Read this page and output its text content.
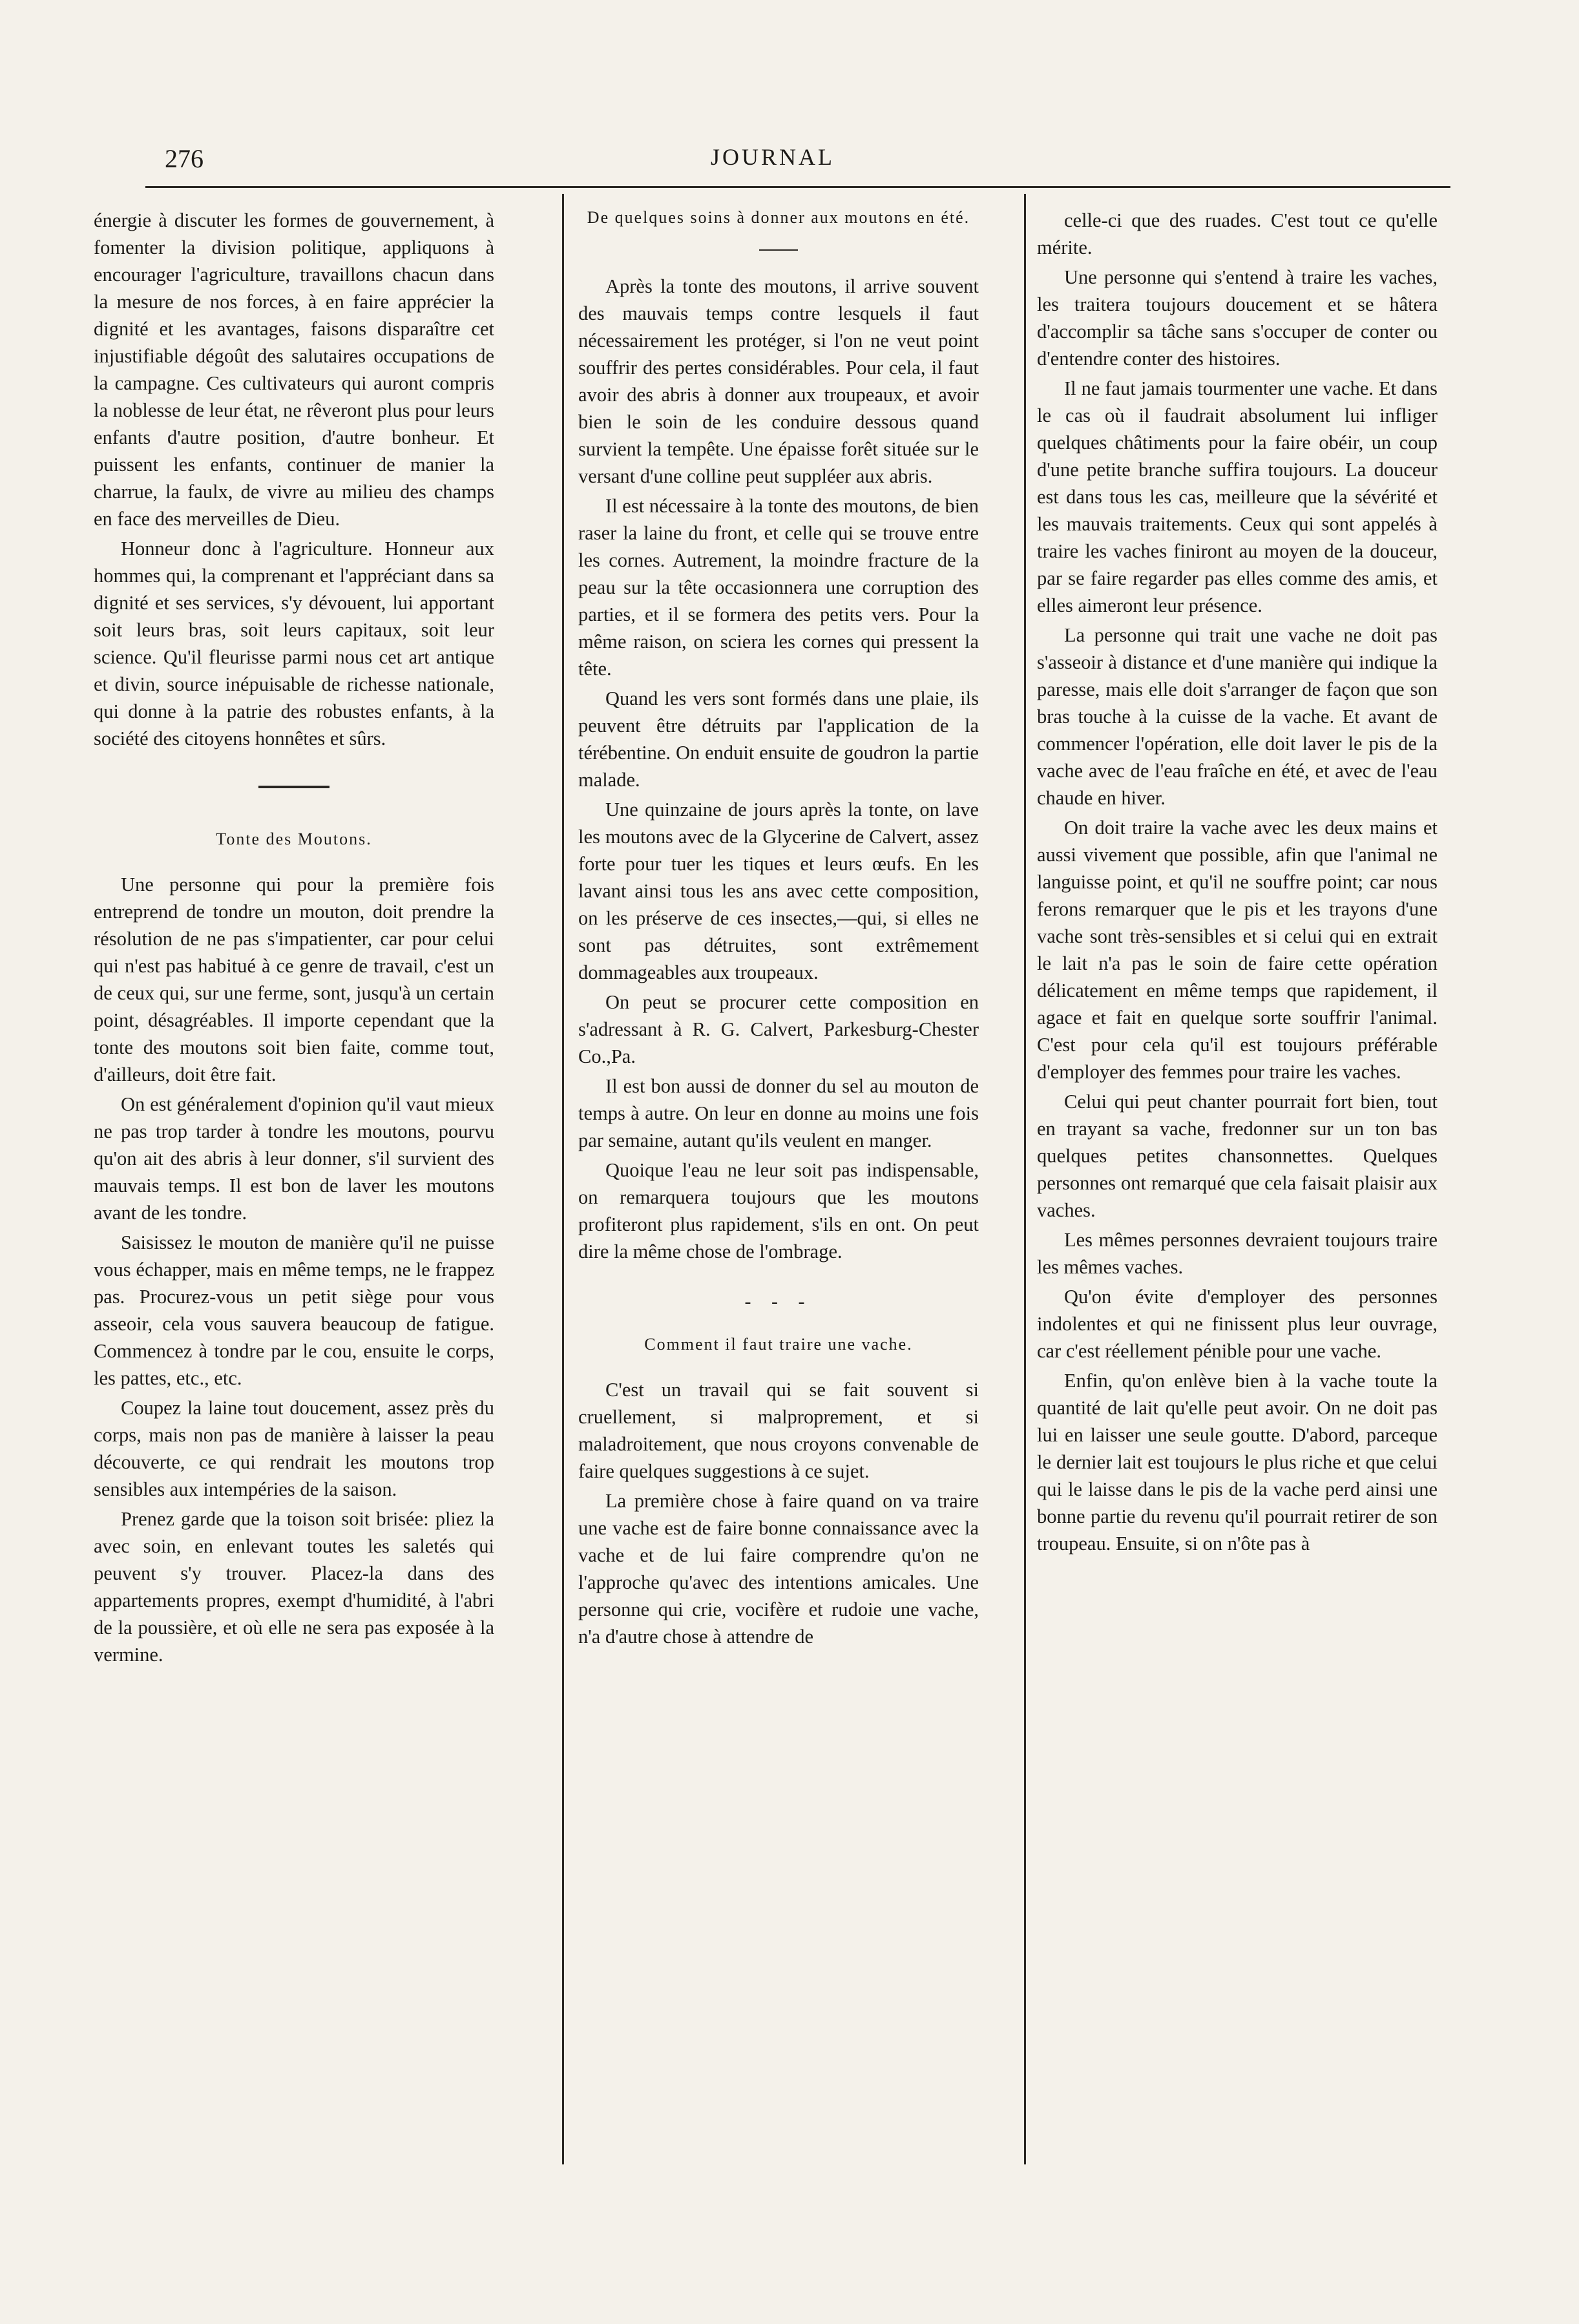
276	JOURNAL

énergie à discuter les formes de gouvernement, à fomenter la division politique, appliquons à encourager l'agriculture, travaillons chacun dans la mesure de nos forces, à en faire apprécier la dignité et les avantages, faisons disparaître cet injustifiable dégoût des salutaires occupations de la campagne. Ces cultivateurs qui auront compris la noblesse de leur état, ne rêveront plus pour leurs enfants d'autre position, d'autre bonheur. Et puissent les enfants, continuer de manier la charrue, la faulx, de vivre au milieu des champs en face des merveilles de Dieu.

Honneur donc à l'agriculture. Honneur aux hommes qui, la comprenant et l'appréciant dans sa dignité et ses services, s'y dévouent, lui apportant soit leurs bras, soit leurs capitaux, soit leur science. Qu'il fleurisse parmi nous cet art antique et divin, source inépuisable de richesse nationale, qui donne à la patrie des robustes enfants, à la société des citoyens honnêtes et sûrs.

Tonte des Moutons.

Une personne qui pour la première fois entreprend de tondre un mouton, doit prendre la résolution de ne pas s'impatienter, car pour celui qui n'est pas habitué à ce genre de travail, c'est un de ceux qui, sur une ferme, sont, jusqu'à un certain point, désagréables. Il importe cependant que la tonte des moutons soit bien faite, comme tout, d'ailleurs, doit être fait.

On est généralement d'opinion qu'il vaut mieux ne pas trop tarder à tondre les moutons, pourvu qu'on ait des abris à leur donner, s'il survient des mauvais temps. Il est bon de laver les moutons avant de les tondre.

Saisissez le mouton de manière qu'il ne puisse vous échapper, mais en même temps, ne le frappez pas. Procurez-vous un petit siège pour vous asseoir, cela vous sauvera beaucoup de fatigue. Commencez à tondre par le cou, ensuite le corps, les pattes, etc., etc.

Coupez la laine tout doucement, assez près du corps, mais non pas de manière à laisser la peau découverte, ce qui rendrait les moutons trop sensibles aux intempéries de la saison.

Prenez garde que la toison soit brisée: pliez la avec soin, en enlevant toutes les saletés qui peuvent s'y trouver. Placez-la dans des appartements propres, exempt d'humidité, à l'abri de la poussière, et où elle ne sera pas exposée à la vermine.

De quelques soins à donner aux moutons en été.

Après la tonte des moutons, il arrive souvent des mauvais temps contre lesquels il faut nécessairement les protéger, si l'on ne veut point souffrir des pertes considérables. Pour cela, il faut avoir des abris à donner aux troupeaux, et avoir bien le soin de les conduire dessous quand survient la tempête. Une épaisse forêt située sur le versant d'une colline peut suppléer aux abris.

Il est nécessaire à la tonte des moutons, de bien raser la laine du front, et celle qui se trouve entre les cornes. Autrement, la moindre fracture de la peau sur la tête occasionnera une corruption des parties, et il se formera des petits vers. Pour la même raison, on sciera les cornes qui pressent la tête.

Quand les vers sont formés dans une plaie, ils peuvent être détruits par l'application de la térébentine. On enduit ensuite de goudron la partie malade.

Une quinzaine de jours après la tonte, on lave les moutons avec de la Glycerine de Calvert, assez forte pour tuer les tiques et leurs œufs. En les lavant ainsi tous les ans avec cette composition, on les préserve de ces insectes,—qui, si elles ne sont pas détruites, sont extrêmement dommageables aux troupeaux.

On peut se procurer cette composition en s'adressant à R. G. Calvert, Parkesburg-Chester Co.,Pa.

Il est bon aussi de donner du sel au mouton de temps à autre. On leur en donne au moins une fois par semaine, autant qu'ils veulent en manger.

Quoique l'eau ne leur soit pas indispensable, on remarquera toujours que les moutons profiteront plus rapidement, s'ils en ont. On peut dire la même chose de l'ombrage.

- - -

Comment il faut traire une vache.

C'est un travail qui se fait souvent si cruellement, si malproprement, et si maladroitement, que nous croyons convenable de faire quelques suggestions à ce sujet.

La première chose à faire quand on va traire une vache est de faire bonne connaissance avec la vache et de lui faire comprendre qu'on ne l'approche qu'avec des intentions amicales. Une personne qui crie, vocifère et rudoie une vache, n'a d'autre chose à attendre de

celle-ci que des ruades. C'est tout ce qu'elle mérite.

Une personne qui s'entend à traire les vaches, les traitera toujours doucement et se hâtera d'accomplir sa tâche sans s'occuper de conter ou d'entendre conter des histoires.

Il ne faut jamais tourmenter une vache. Et dans le cas où il faudrait absolument lui infliger quelques châtiments pour la faire obéir, un coup d'une petite branche suffira toujours. La douceur est dans tous les cas, meilleure que la sévérité et les mauvais traitements. Ceux qui sont appelés à traire les vaches finiront au moyen de la douceur, par se faire regarder pas elles comme des amis, et elles aimeront leur présence.

La personne qui trait une vache ne doit pas s'asseoir à distance et d'une manière qui indique la paresse, mais elle doit s'arranger de façon que son bras touche à la cuisse de la vache. Et avant de commencer l'opération, elle doit laver le pis de la vache avec de l'eau fraîche en été, et avec de l'eau chaude en hiver.

On doit traire la vache avec les deux mains et aussi vivement que possible, afin que l'animal ne languisse point, et qu'il ne souffre point; car nous ferons remarquer que le pis et les trayons d'une vache sont très-sensibles et si celui qui en extrait le lait n'a pas le soin de faire cette opération délicatement en même temps que rapidement, il agace et fait en quelque sorte souffrir l'animal. C'est pour cela qu'il est toujours préférable d'employer des femmes pour traire les vaches.

Celui qui peut chanter pourrait fort bien, tout en trayant sa vache, fredonner sur un ton bas quelques petites chansonnettes. Quelques personnes ont remarqué que cela faisait plaisir aux vaches.

Les mêmes personnes devraient toujours traire les mêmes vaches.

Qu'on évite d'employer des personnes indolentes et qui ne finissent plus leur ouvrage, car c'est réellement pénible pour une vache.

Enfin, qu'on enlève bien à la vache toute la quantité de lait qu'elle peut avoir. On ne doit pas lui en laisser une seule goutte. D'abord, parceque le dernier lait est toujours le plus riche et que celui qui le laisse dans le pis de la vache perd ainsi une bonne partie du revenu qu'il pourrait retirer de son troupeau. Ensuite, si on n'ôte pas à
